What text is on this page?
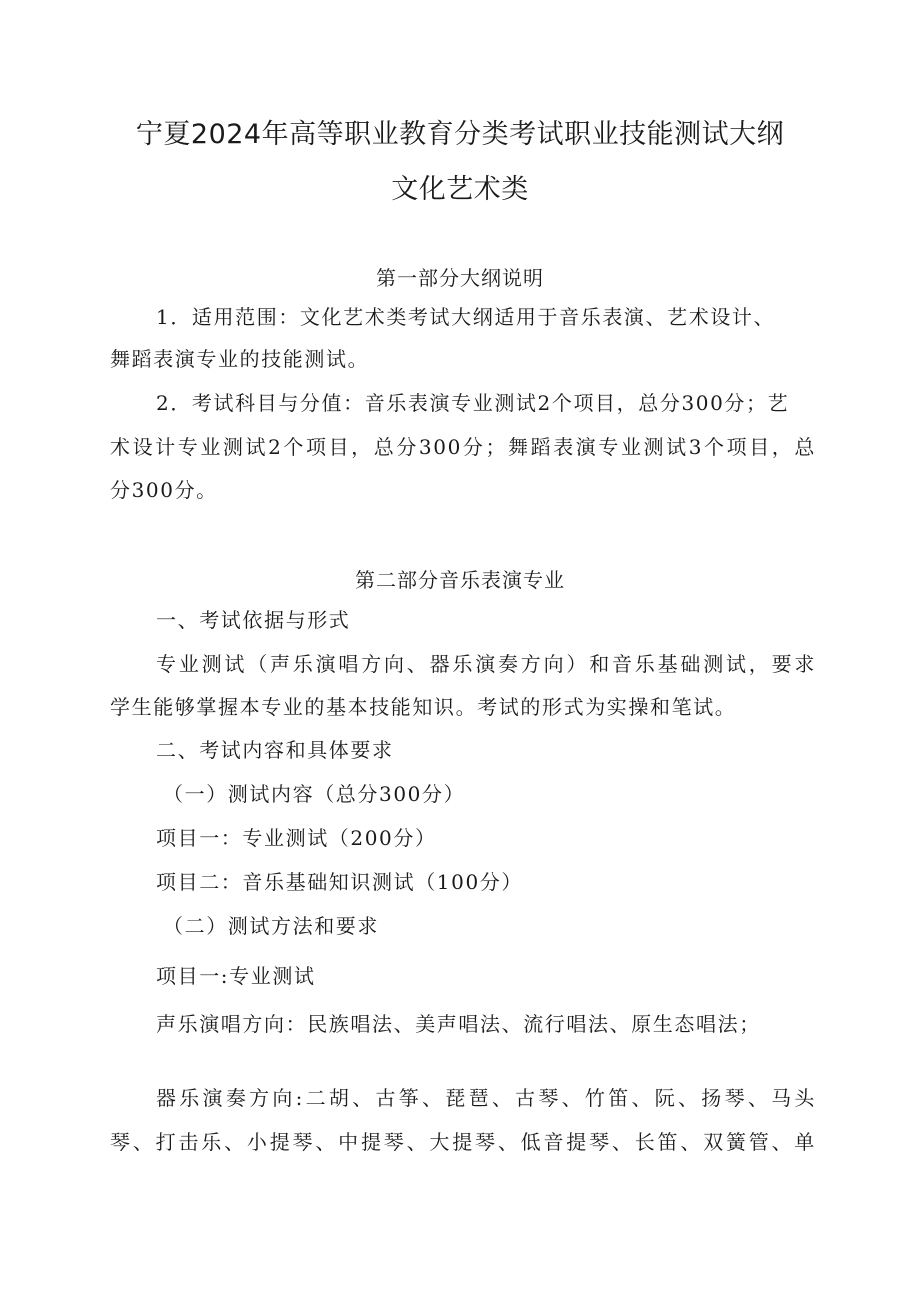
宁夏2024年高等职业教育分类考试职业技能测试大纲
文化艺术类
第一部分大纲说明

1．适用范围：文化艺术类考试大纲适用于音乐表演、艺术设计、

舞蹈表演专业的技能测试。

2．考试科目与分值：音乐表演专业测试2个项目，总分300分；艺

术设计专业测试2个项目，总分300分；舞蹈表演专业测试3个项目，总

分300分。

第二部分音乐表演专业

一、考试依据与形式

专业测试（声乐演唱方向、器乐演奏方向）和音乐基础测试，要求

学生能够掌握本专业的基本技能知识。考试的形式为实操和笔试。

二、考试内容和具体要求

（一）测试内容（总分300分）

项目一：专业测试（200分）

项目二：音乐基础知识测试（100分）

（二）测试方法和要求

项目一:专业测试

声乐演唱方向：民族唱法、美声唱法、流行唱法、原生态唱法；

器乐演奏方向:二胡、古筝、琵琶、古琴、竹笛、阮、扬琴、马头

琴、打击乐、小提琴、中提琴、大提琴、低音提琴、长笛、双簧管、单
